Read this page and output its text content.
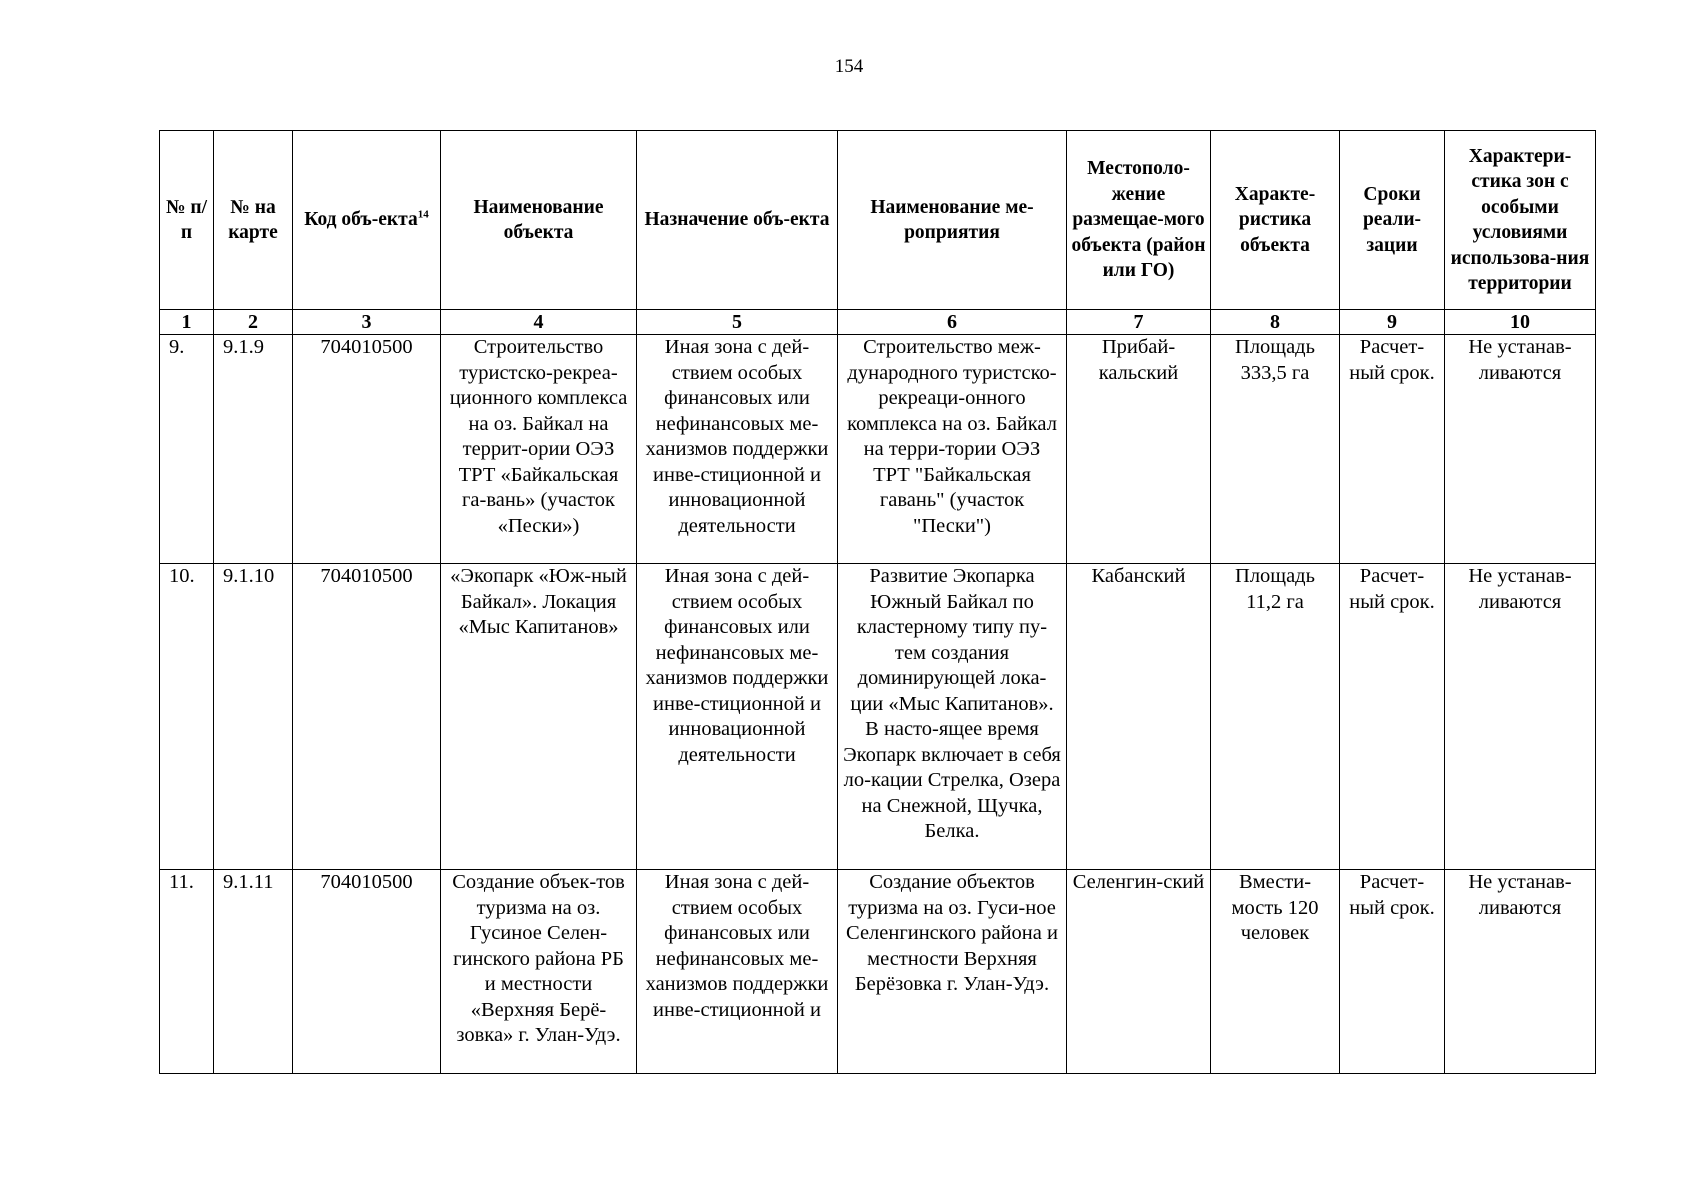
154
№ п/п	№ на карте	Код объ-екта$^{14}$	Наименование объекта	Назначение объ-екта	Наименование ме-роприятия	Местополо-жение размещае-мого объекта (район или ГО)	Характе-ристика объекта	Сроки реали-зации	Характери-стика зон с особыми условиями использова-ния территории
1	2	3	4	5	6	7	8	9	10
9.	9.1.9	704010500	Строительство туристско-рекреа-ционного комплекса на оз. Байкал на террит-ории ОЭЗ ТРТ «Байкальская га-вань» (участок «Пески»)	Иная зона с дей-ствием особых финансовых или нефинансовых ме-ханизмов поддержки инве-стиционной и инновационной деятельности	Строительство меж-дународного туристско-рекреаци-онного комплекса на оз. Байкал на терри-тории ОЭЗ ТРТ "Байкальская гавань" (участок "Пески")	Прибай-кальский	Площадь 333,5 га	Расчет-ный срок.	Не устанав-ливаются
10.	9.1.10	704010500	«Экопарк «Юж-ный Байкал». Локация «Мыс Капитанов»	Иная зона с дей-ствием особых финансовых или нефинансовых ме-ханизмов поддержки инве-стиционной и инновационной деятельности	Развитие Экопарка Южный Байкал по кластерному типу пу-тем создания доминирующей лока-ции «Мыс Капитанов». В насто-ящее время Экопарк включает в себя ло-кации Стрелка, Озера на Снежной, Щучка, Белка.	Кабанский	Площадь 11,2 га	Расчет-ный срок.	Не устанав-ливаются
11.	9.1.11	704010500	Создание объек-тов туризма на оз. Гусиное Селен-гинского района РБ и местности «Верхняя Берё-зовка» г. Улан-Удэ.	Иная зона с дей-ствием особых финансовых или нефинансовых ме-ханизмов поддержки инве-стиционной и	Создание объектов туризма на оз. Гуси-ное Селенгинского района и местности Верхняя Берёзовка г. Улан-Удэ.	Селенгин-ский	Вмести-мость 120 человек	Расчет-ный срок.	Не устанав-ливаются
